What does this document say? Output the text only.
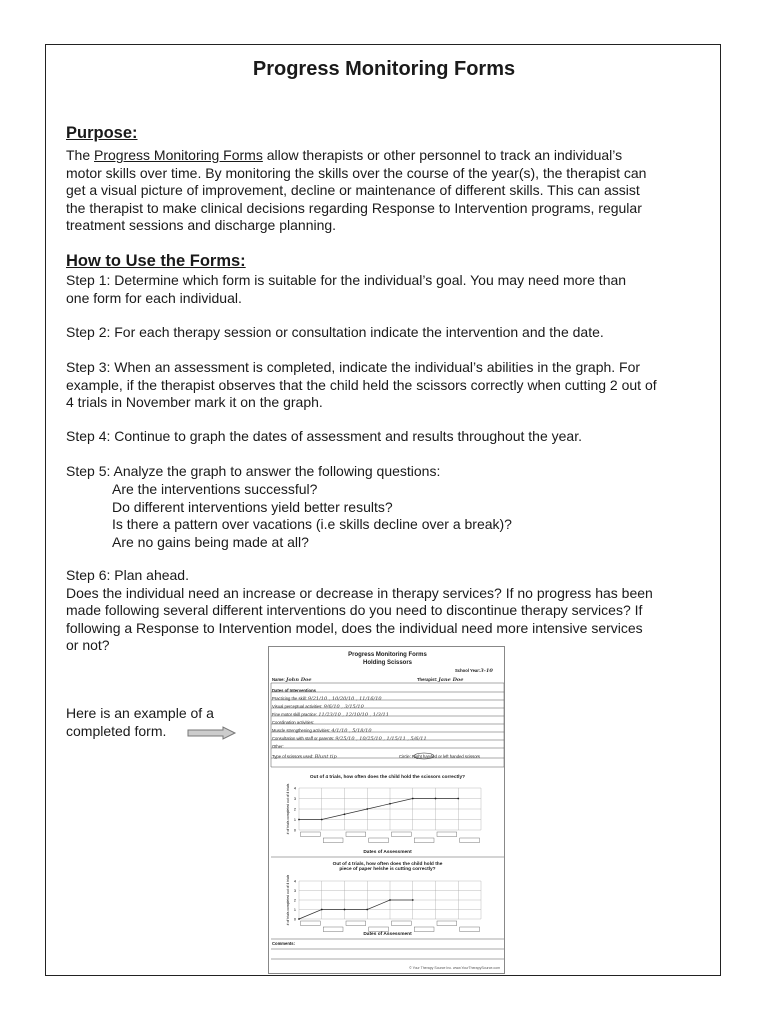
Progress Monitoring Forms
Purpose:
The Progress Monitoring Forms allow therapists or other personnel to track an individual’s
motor skills over time. By monitoring the skills over the course of the year(s), the therapist can
get a visual picture of improvement, decline or maintenance of different skills. This can assist
the therapist to make clinical decisions regarding Response to Intervention programs, regular
treatment sessions and discharge planning.
How to Use the Forms:
Step 1: Determine which form is suitable for the individual’s goal. You may need more than
one form for each individual.
Step 2: For each therapy session or consultation indicate the intervention and the date.
Step 3: When an assessment is completed, indicate the individual’s abilities in the graph. For
example, if the therapist observes that the child held the scissors correctly when cutting 2 out of
4 trials in November mark it on the graph.
Step 4: Continue to graph the dates of assessment and results throughout the year.
Step 5: Analyze the graph to answer the following questions:
Are the interventions successful?
Do different interventions yield better results?
Is there a pattern over vacations (i.e skills decline over a break)?
Are no gains being made at all?
Step 6: Plan ahead.
Does the individual need an increase or decrease in therapy services? If no progress has been
made following several different interventions do you need to discontinue therapy services? If
following a Response to Intervention model, does the individual need more intensive services
or not?
Here is an example of a
completed form.
Progress Monitoring Forms
Holding Scissors
School Year:3-10
Name: John Doe	Therapist: Jane Doe
Dates of Interventions
Practicing the skill: 9/21/10 , 10/20/10 , 11/16/10
Visual perceptual activities: 9/6/10 , 3/15/10
Fine motor skill practice: 11/23/10 , 12/10/10 , 1/3/11
Coordination activities:
Muscle strengthening activities: 4/1/10 , 5/18/10
Consultation with staff or parents: 9/25/10 , 10/25/10 , 1/15/11 , 5/6/11
Other:
Type of scissors used: Blunt tip	Circle: Right handed or left handed scissors
Out of 4 trials, how often does the child hold the scissors correctly?
0
1
2
3
4
# of trials completed out of 4 trials
Dates of Assessment
Out of 4 trials, how often does the child hold the
piece of paper he/she is cutting correctly?
0
1
2
3
4
# of trials completed out of 4 trials
Dates of Assessment
Comments:
© Your Therapy Source Inc. www.YourTherapySource.com
